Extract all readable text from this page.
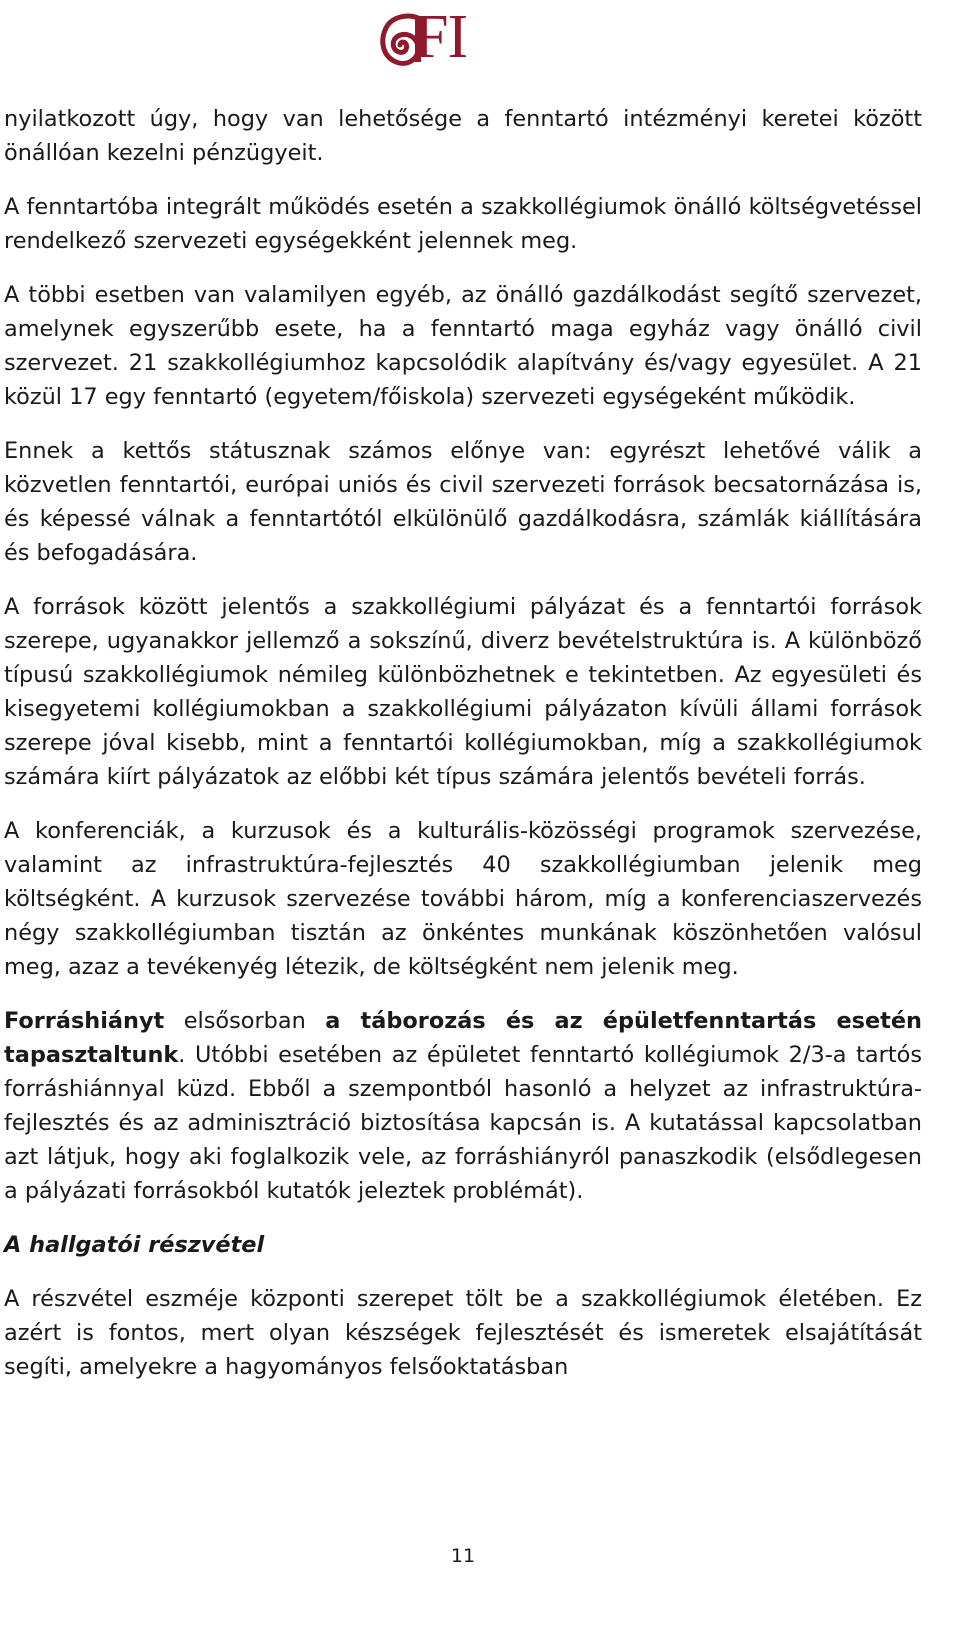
FI

nyilatkozott úgy, hogy van lehetősége a fenntartó intézményi keretei között önállóan kezelni pénzügyeit.

A fenntartóba integrált működés esetén a szakkollégiumok önálló költségvetéssel rendelkező szervezeti egységekként jelennek meg.

A többi esetben van valamilyen egyéb, az önálló gazdálkodást segítő szervezet, amelynek egyszerűbb esete, ha a fenntartó maga egyház vagy önálló civil szervezet. 21 szakkollégiumhoz kapcsolódik alapítvány és/vagy egyesület. A 21 közül 17 egy fenntartó (egyetem/főiskola) szervezeti egységeként működik.

Ennek a kettős státusznak számos előnye van: egyrészt lehetővé válik a közvetlen fenntartói, európai uniós és civil szervezeti források becsatornázása is, és képessé válnak a fenntartótól elkülönülő gazdálkodásra, számlák kiállítására és befogadására.

A források között jelentős a szakkollégiumi pályázat és a fenntartói források szerepe, ugyanakkor jellemző a sokszínű, diverz bevételstruktúra is. A különböző típusú szakkollégiumok némileg különbözhetnek e tekintetben. Az egyesületi és kisegyetemi kollégiumokban a szakkollégiumi pályázaton kívüli állami források szerepe jóval kisebb, mint a fenntartói kollégiumokban, míg a szakkollégiumok számára kiírt pályázatok az előbbi két típus számára jelentős bevételi forrás.

A konferenciák, a kurzusok és a kulturális-közösségi programok szervezése, valamint az infrastruktúra-fejlesztés 40 szakkollégiumban jelenik meg költségként. A kurzusok szervezése további három, míg a konferenciaszervezés négy szakkollégiumban tisztán az önkéntes munkának köszönhetően valósul meg, azaz a tevékenyég létezik, de költségként nem jelenik meg.

Forráshiányt elsősorban a táborozás és az épületfenntartás esetén tapasztaltunk. Utóbbi esetében az épületet fenntartó kollégiumok 2/3-a tartós forráshiánnyal küzd. Ebből a szempontból hasonló a helyzet az infrastruktúra-fejlesztés és az adminisztráció biztosítása kapcsán is. A kutatással kapcsolatban azt látjuk, hogy aki foglalkozik vele, az forráshiányról panaszkodik (elsődlegesen a pályázati forrásokból kutatók jeleztek problémát).

A hallgatói részvétel

A részvétel eszméje központi szerepet tölt be a szakkollégiumok életében. Ez azért is fontos, mert olyan készségek fejlesztését és ismeretek elsajátítását segíti, amelyekre a hagyományos felsőoktatásban

11
